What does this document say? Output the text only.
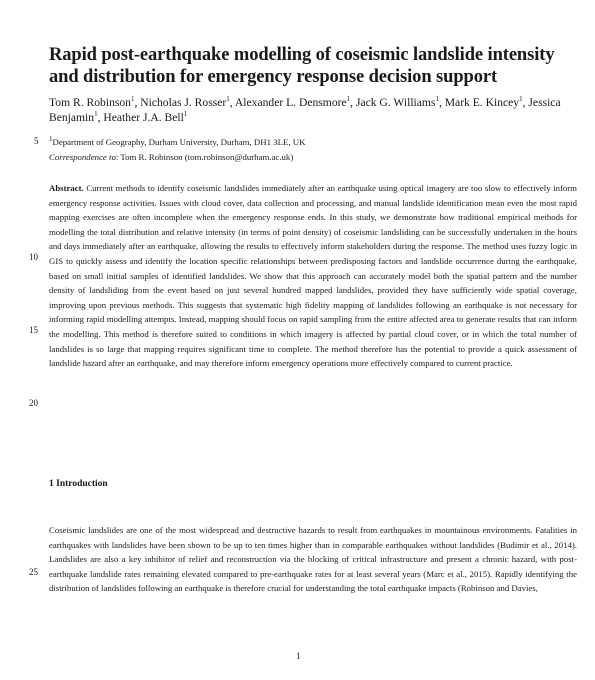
Rapid post-earthquake modelling of coseismic landslide intensity and distribution for emergency response decision support
Tom R. Robinson$^1$, Nicholas J. Rosser$^1$, Alexander L. Densmore$^1$, Jack G. Williams$^1$, Mark E. Kincey$^1$, Jessica Benjamin$^1$, Heather J.A. Bell$^1$
5 $^1$Department of Geography, Durham University, Durham, DH1 3LE, UK
Correspondence to: Tom R. Robinson (tom.robinson@durham.ac.uk)
10
15
20
Abstract. Current methods to identify coseismic landslides immediately after an earthquake using optical imagery are too slow to effectively inform emergency response activities. Issues with cloud cover, data collection and processing, and manual landslide identification mean even the most rapid mapping exercises are often incomplete when the emergency response ends. In this study, we demonstrate how traditional empirical methods for modelling the total distribution and relative intensity (in terms of point density) of coseismic landsliding can be successfully undertaken in the hours and days immediately after an earthquake, allowing the results to effectively inform stakeholders during the response. The method uses fuzzy logic in GIS to quickly assess and identify the location specific relationships between predisposing factors and landslide occurrence during the earthquake, based on small initial samples of identified landslides. We show that this approach can accurately model both the spatial pattern and the number density of landsliding from the event based on just several hundred mapped landslides, provided they have sufficiently wide spatial coverage, improving upon previous methods. This suggests that systematic high fidelity mapping of landslides following an earthquake is not necessary for informing rapid modelling attempts. Instead, mapping should focus on rapid sampling from the entire affected area to generate results that can inform the modelling. This method is therefore suited to conditions in which imagery is affected by partial cloud cover, or in which the total number of landslides is so large that mapping requires significant time to complete. The method therefore has the potential to provide a quick assessment of landslide hazard after an earthquake, and may therefore inform emergency operations more effectively compared to current practice.
1 Introduction
25
Coseismic landslides are one of the most widespread and destructive hazards to result from earthquakes in mountainous environments. Fatalities in earthquakes with landslides have been shown to be up to ten times higher than in comparable earthquakes without landslides (Budimir et al., 2014). Landslides are also a key inhibitor of relief and reconstruction via the blocking of critical infrastructure and present a chronic hazard, with post-earthquake landslide rates remaining elevated compared to pre-earthquake rates for at least several years (Marc et al., 2015). Rapidly identifying the distribution of landslides following an earthquake is therefore crucial for understanding the total earthquake impacts (Robinson and Davies,
1
